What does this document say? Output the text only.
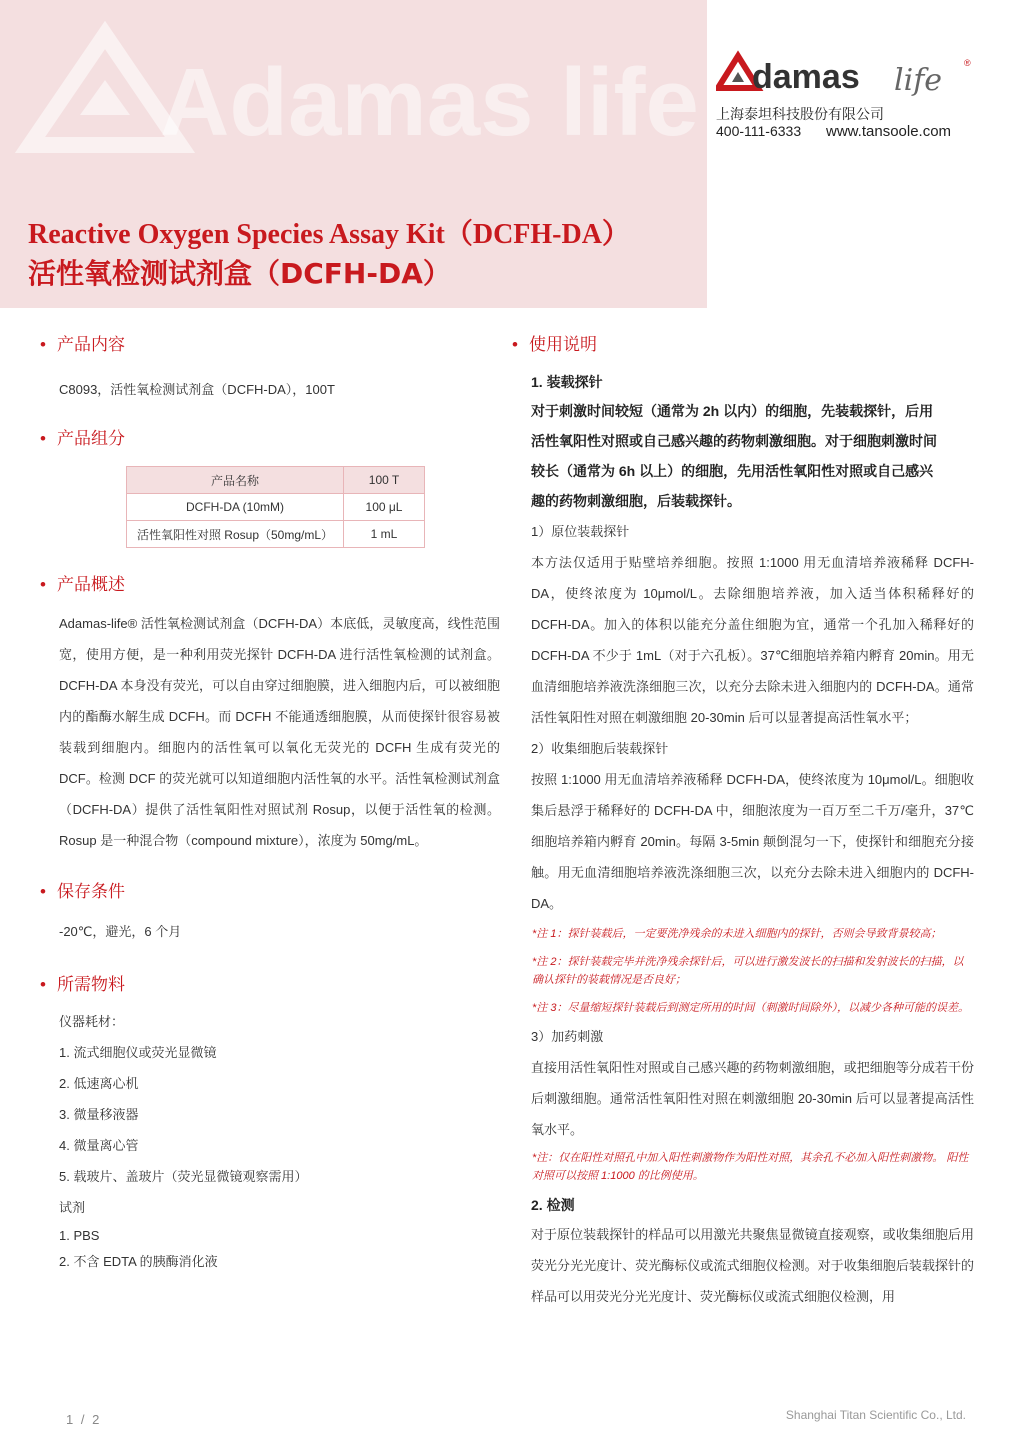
Adamas life
Reactive Oxygen Species Assay Kit（DCFH-DA）
活性氧检测试剂盒（DCFH-DA）
damas life ®
上海泰坦科技股份有限公司
400-111-6333 www.tansoole.com
• 产品内容
C8093，活性氧检测试剂盒（DCFH-DA），100T
• 产品组分
产品名称	100 T
DCFH-DA (10mM)	100 μL
活性氧阳性对照 Rosup（50mg/mL）	1 mL
• 产品概述
Adamas-life® 活性氧检测试剂盒（DCFH-DA）本底低，灵敏度高，线性范围宽，使用方便，是一种利用荧光探针 DCFH-DA 进行活性氧检测的试剂盒。DCFH-DA 本身没有荧光，可以自由穿过细胞膜，进入细胞内后，可以被细胞内的酯酶水解生成 DCFH。而 DCFH 不能通透细胞膜，从而使探针很容易被装载到细胞内。细胞内的活性氧可以氧化无荧光的 DCFH 生成有荧光的 DCF。检测 DCF 的荧光就可以知道细胞内活性氧的水平。活性氧检测试剂盒（DCFH-DA）提供了活性氧阳性对照试剂 Rosup，以便于活性氧的检测。Rosup 是一种混合物（compound mixture），浓度为 50mg/mL。
• 保存条件
-20℃，避光，6 个月
• 所需物料
仪器耗材：
1. 流式细胞仪或荧光显微镜
2. 低速离心机
3. 微量移液器
4. 微量离心管
5. 载玻片、盖玻片（荧光显微镜观察需用）
试剂
1. PBS
2. 不含 EDTA 的胰酶消化液
• 使用说明
1. 装载探针
对于刺激时间较短（通常为 2h 以内）的细胞，先装载探针，后用活性氧阳性对照或自己感兴趣的药物刺激细胞。对于细胞刺激时间较长（通常为 6h 以上）的细胞，先用活性氧阳性对照或自己感兴趣的药物刺激细胞，后装载探针。
1）原位装载探针
本方法仅适用于贴壁培养细胞。按照 1:1000 用无血清培养液稀释 DCFH-DA，使终浓度为 10μmol/L。去除细胞培养液，加入适当体积稀释好的 DCFH-DA。加入的体积以能充分盖住细胞为宜，通常一个孔加入稀释好的 DCFH-DA 不少于 1mL（对于六孔板）。37℃细胞培养箱内孵育 20min。用无血清细胞培养液洗涤细胞三次，以充分去除未进入细胞内的 DCFH-DA。通常活性氧阳性对照在刺激细胞 20-30min 后可以显著提高活性氧水平；
2）收集细胞后装载探针
按照 1:1000 用无血清培养液稀释 DCFH-DA，使终浓度为 10μmol/L。细胞收集后悬浮于稀释好的 DCFH-DA 中，细胞浓度为一百万至二千万/毫升，37℃细胞培养箱内孵育 20min。每隔 3-5min 颠倒混匀一下，使探针和细胞充分接触。用无血清细胞培养液洗涤细胞三次，以充分去除未进入细胞内的 DCFH-DA。
*注 1：探针装载后，一定要洗净残余的未进入细胞内的探针，否则会导致背景较高；
*注 2：探针装载完毕并洗净残余探针后，可以进行激发波长的扫描和发射波长的扫描，以确认探针的装载情况是否良好；
*注 3：尽量缩短探针装载后到测定所用的时间（刺激时间除外），以减少各种可能的误差。
3）加药刺激
直接用活性氧阳性对照或自己感兴趣的药物刺激细胞，或把细胞等分成若干份后刺激细胞。通常活性氧阳性对照在刺激细胞 20-30min 后可以显著提高活性氧水平。
*注：仅在阳性对照孔中加入阳性刺激物作为阳性对照，其余孔不必加入阳性刺激物。 阳性对照可以按照 1:1000 的比例使用。
2. 检测
对于原位装载探针的样品可以用激光共聚焦显微镜直接观察，或收集细胞后用荧光分光光度计、荧光酶标仪或流式细胞仪检测。对于收集细胞后装载探针的样品可以用荧光分光光度计、荧光酶标仪或流式细胞仪检测，用
1 / 2	Shanghai Titan Scientific Co., Ltd.
